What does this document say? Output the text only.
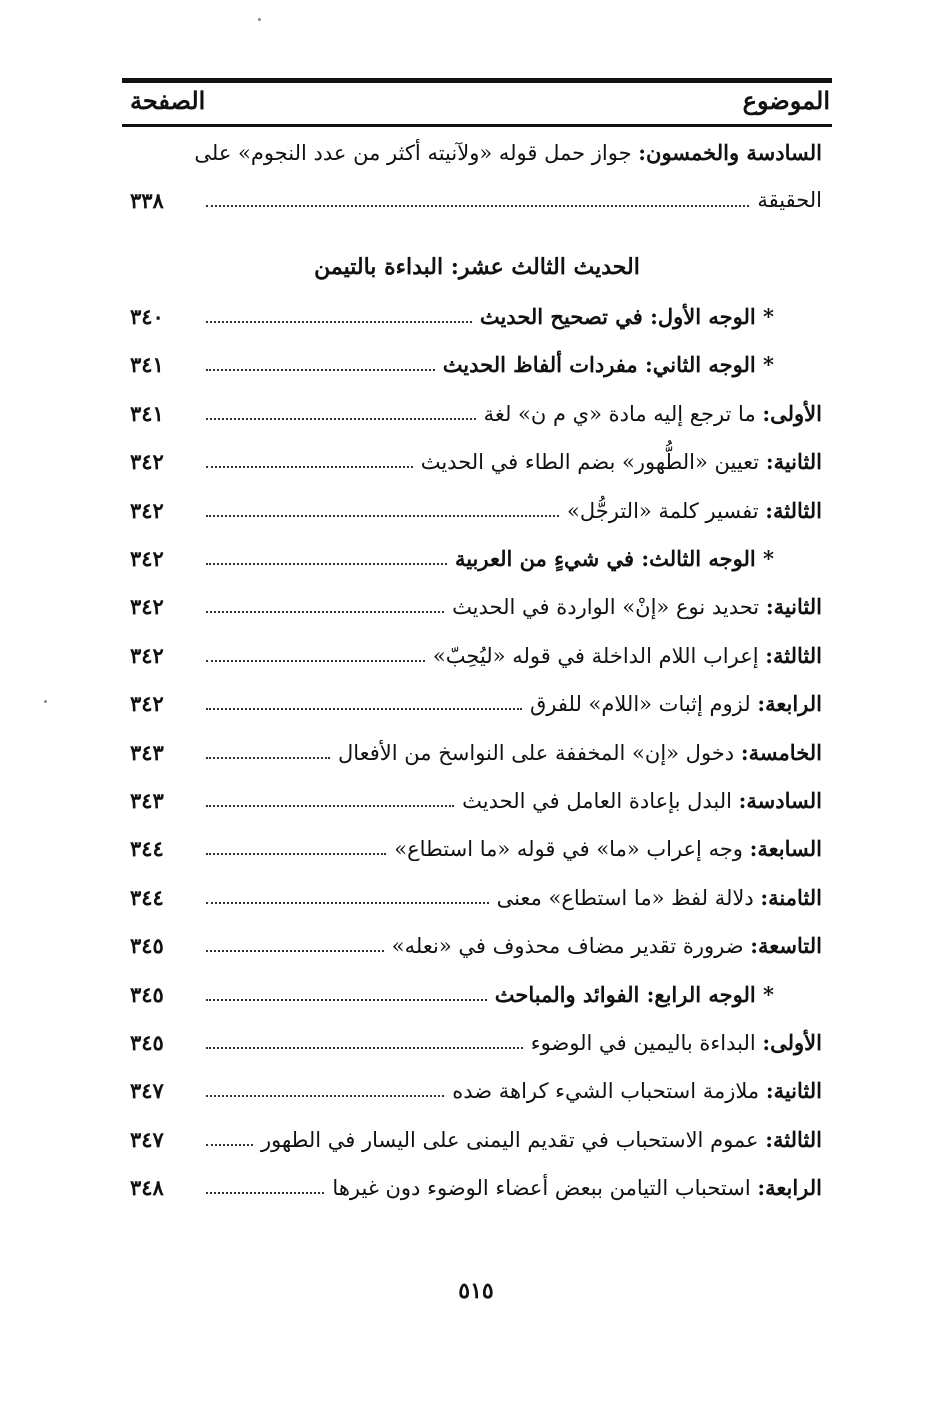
الموضوع
الصفحة
السادسة والخمسون: جواز حمل قوله «ولآنيته أكثر من عدد النجوم» على
الحقيقة
٣٣٨
الحديث الثالث عشر: البداءة بالتيمن
* الوجه الأول: في تصحيح الحديث
٣٤٠
* الوجه الثاني: مفردات ألفاظ الحديث
٣٤١
الأولى: ما ترجع إليه مادة «ي م ن» لغة
٣٤١
الثانية: تعيين «الطُّهور» بضم الطاء في الحديث
٣٤٢
الثالثة: تفسير كلمة «الترجُّل»
٣٤٢
* الوجه الثالث: في شيءٍ من العربية
٣٤٢
الثانية: تحديد نوع «إنْ» الواردة في الحديث
٣٤٢
الثالثة: إعراب اللام الداخلة في قوله «ليُحِبّ»
٣٤٢
الرابعة: لزوم إثبات «اللام» للفرق
٣٤٢
الخامسة: دخول «إن» المخففة على النواسخ من الأفعال
٣٤٣
السادسة: البدل بإعادة العامل في الحديث
٣٤٣
السابعة: وجه إعراب «ما» في قوله «ما استطاع»
٣٤٤
الثامنة: دلالة لفظ «ما استطاع» معنى
٣٤٤
التاسعة: ضرورة تقدير مضاف محذوف في «نعله»
٣٤٥
* الوجه الرابع: الفوائد والمباحث
٣٤٥
الأولى: البداءة باليمين في الوضوء
٣٤٥
الثانية: ملازمة استحباب الشيء كراهة ضده
٣٤٧
الثالثة: عموم الاستحباب في تقديم اليمنى على اليسار في الطهور
٣٤٧
الرابعة: استحباب التيامن ببعض أعضاء الوضوء دون غيرها
٣٤٨
٥١٥
